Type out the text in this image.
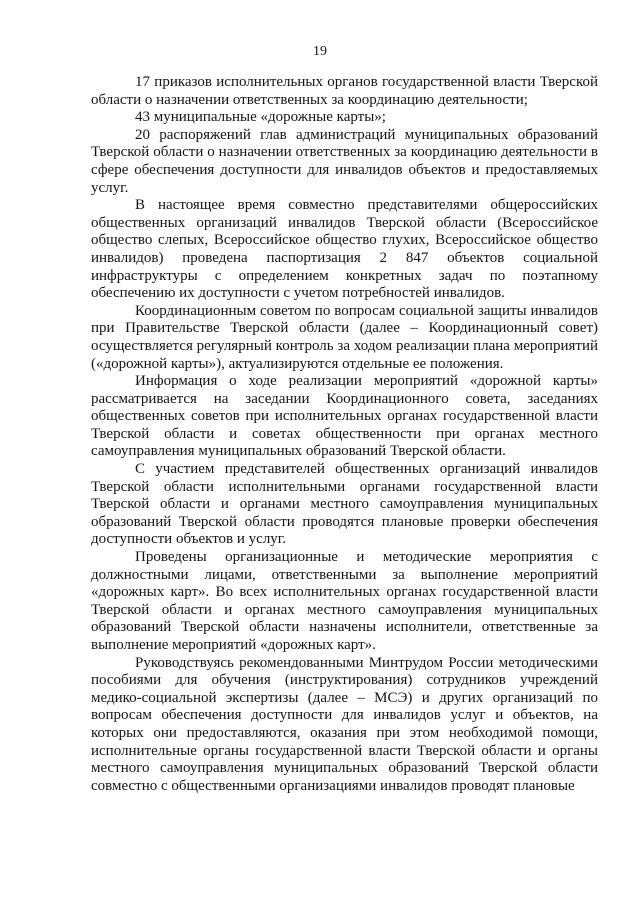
19

17 приказов исполнительных органов государственной власти Тверской области о назначении ответственных за координацию деятельности;

43 муниципальные «дорожные карты»;

20 распоряжений глав администраций муниципальных образований Тверской области о назначении ответственных за координацию деятельности в сфере обеспечения доступности для инвалидов объектов и предоставляемых услуг.

В настоящее время совместно представителями общероссийских общественных организаций инвалидов Тверской области (Всероссийское общество слепых, Всероссийское общество глухих, Всероссийское общество инвалидов) проведена паспортизация 2 847 объектов социальной инфраструктуры с определением конкретных задач по поэтапному обеспечению их доступности с учетом потребностей инвалидов.

Координационным советом по вопросам социальной защиты инвалидов при Правительстве Тверской области (далее – Координационный совет) осуществляется регулярный контроль за ходом реализации плана мероприятий («дорожной карты»), актуализируются отдельные ее положения.

Информация о ходе реализации мероприятий «дорожной карты» рассматривается на заседании Координационного совета, заседаниях общественных советов при исполнительных органах государственной власти Тверской области и советах общественности при органах местного самоуправления муниципальных образований Тверской области.

С участием представителей общественных организаций инвалидов Тверской области исполнительными органами государственной власти Тверской области и органами местного самоуправления муниципальных образований Тверской области проводятся плановые проверки обеспечения доступности объектов и услуг.

Проведены организационные и методические мероприятия с должностными лицами, ответственными за выполнение мероприятий «дорожных карт». Во всех исполнительных органах государственной власти Тверской области и органах местного самоуправления муниципальных образований Тверской области назначены исполнители, ответственные за выполнение мероприятий «дорожных карт».

Руководствуясь рекомендованными Минтрудом России методическими пособиями для обучения (инструктирования) сотрудников учреждений медико-социальной экспертизы (далее – МСЭ) и других организаций по вопросам обеспечения доступности для инвалидов услуг и объектов, на которых они предоставляются, оказания при этом необходимой помощи, исполнительные органы государственной власти Тверской области и органы местного самоуправления муниципальных образований Тверской области совместно с общественными организациями инвалидов проводят плановые
